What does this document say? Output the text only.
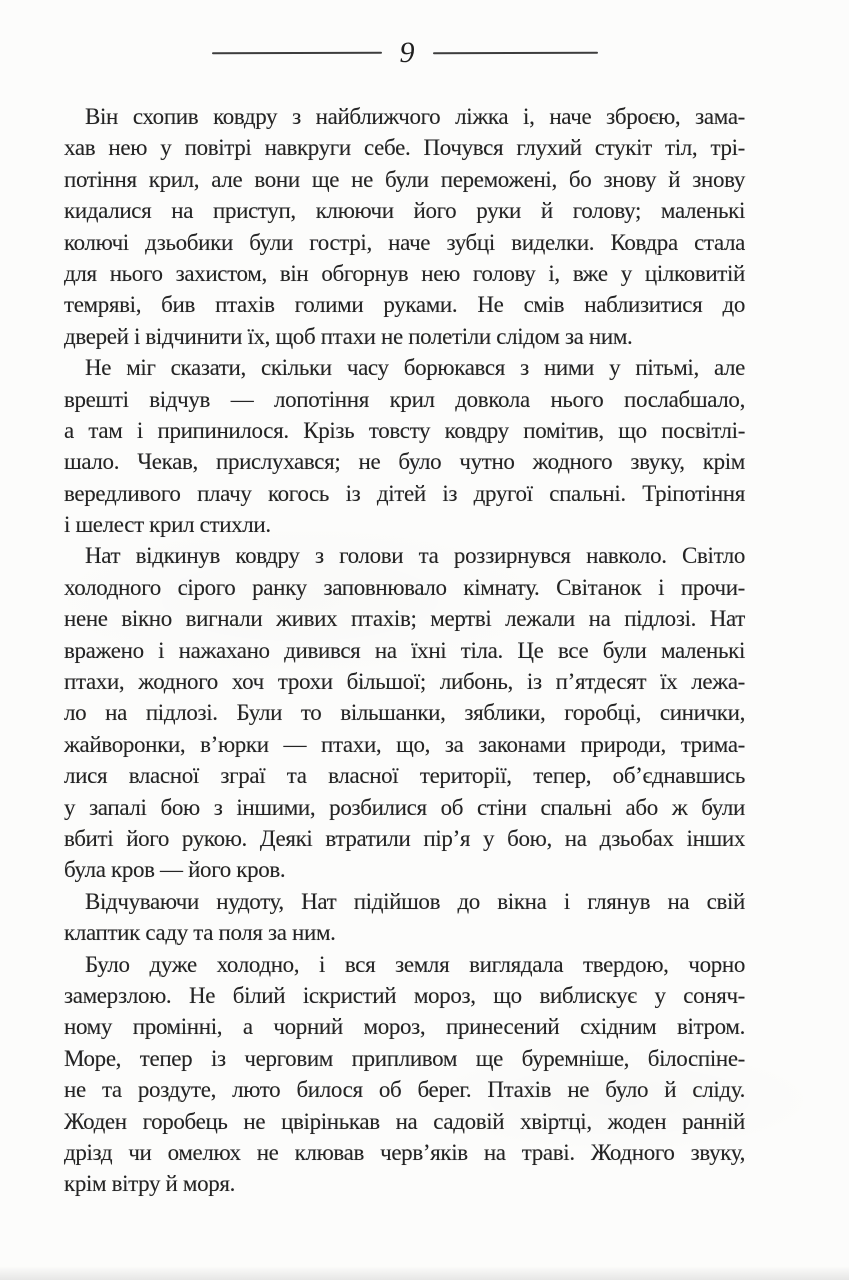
9
Він схопив ковдру з найближчого ліжка і, наче зброєю, зама-
хав нею у повітрі навкруги себе. Почувся глухий стукіт тіл, трі-
потіння крил, але вони ще не були переможені, бо знову й знову
кидалися на приступ, клюючи його руки й голову; маленькі
колючі дзьобики були гострі, наче зубці виделки. Ковдра стала
для нього захистом, він обгорнув нею голову і, вже у цілковитій
темряві, бив птахів голими руками. Не смів наблизитися до
дверей і відчинити їх, щоб птахи не полетіли слідом за ним.
Не міг сказати, скільки часу борюкався з ними у пітьмі, але
врешті відчув — лопотіння крил довкола нього послабшало,
а там і припинилося. Крізь товсту ковдру помітив, що посвітлі-
шало. Чекав, прислухався; не було чутно жодного звуку, крім
вередливого плачу когось із дітей із другої спальні. Тріпотіння
і шелест крил стихли.
Нат відкинув ковдру з голови та роззирнувся навколо. Світло
холодного сірого ранку заповнювало кімнату. Світанок і прочи-
нене вікно вигнали живих птахів; мертві лежали на підлозі. Нат
вражено і нажахано дивився на їхні тіла. Це все були маленькі
птахи, жодного хоч трохи більшої; либонь, із п’ятдесят їх лежа-
ло на підлозі. Були то вільшанки, зяблики, горобці, синички,
жайворонки, в’юрки — птахи, що, за законами природи, трима-
лися власної зграї та власної території, тепер, об’єднавшись
у запалі бою з іншими, розбилися об стіни спальні або ж були
вбиті його рукою. Деякі втратили пір’я у бою, на дзьобах інших
була кров — його кров.
Відчуваючи нудоту, Нат підійшов до вікна і глянув на свій
клаптик саду та поля за ним.
Було дуже холодно, і вся земля виглядала твердою, чорно
замерзлою. Не білий іскристий мороз, що виблискує у соняч-
ному промінні, а чорний мороз, принесений східним вітром.
Море, тепер із черговим припливом ще буремніше, білоспіне-
не та роздуте, люто билося об берег. Птахів не було й сліду.
Жоден горобець не цвірінькав на садовій хвіртці, жоден ранній
дрізд чи омелюх не клював черв’яків на траві. Жодного звуку,
крім вітру й моря.
